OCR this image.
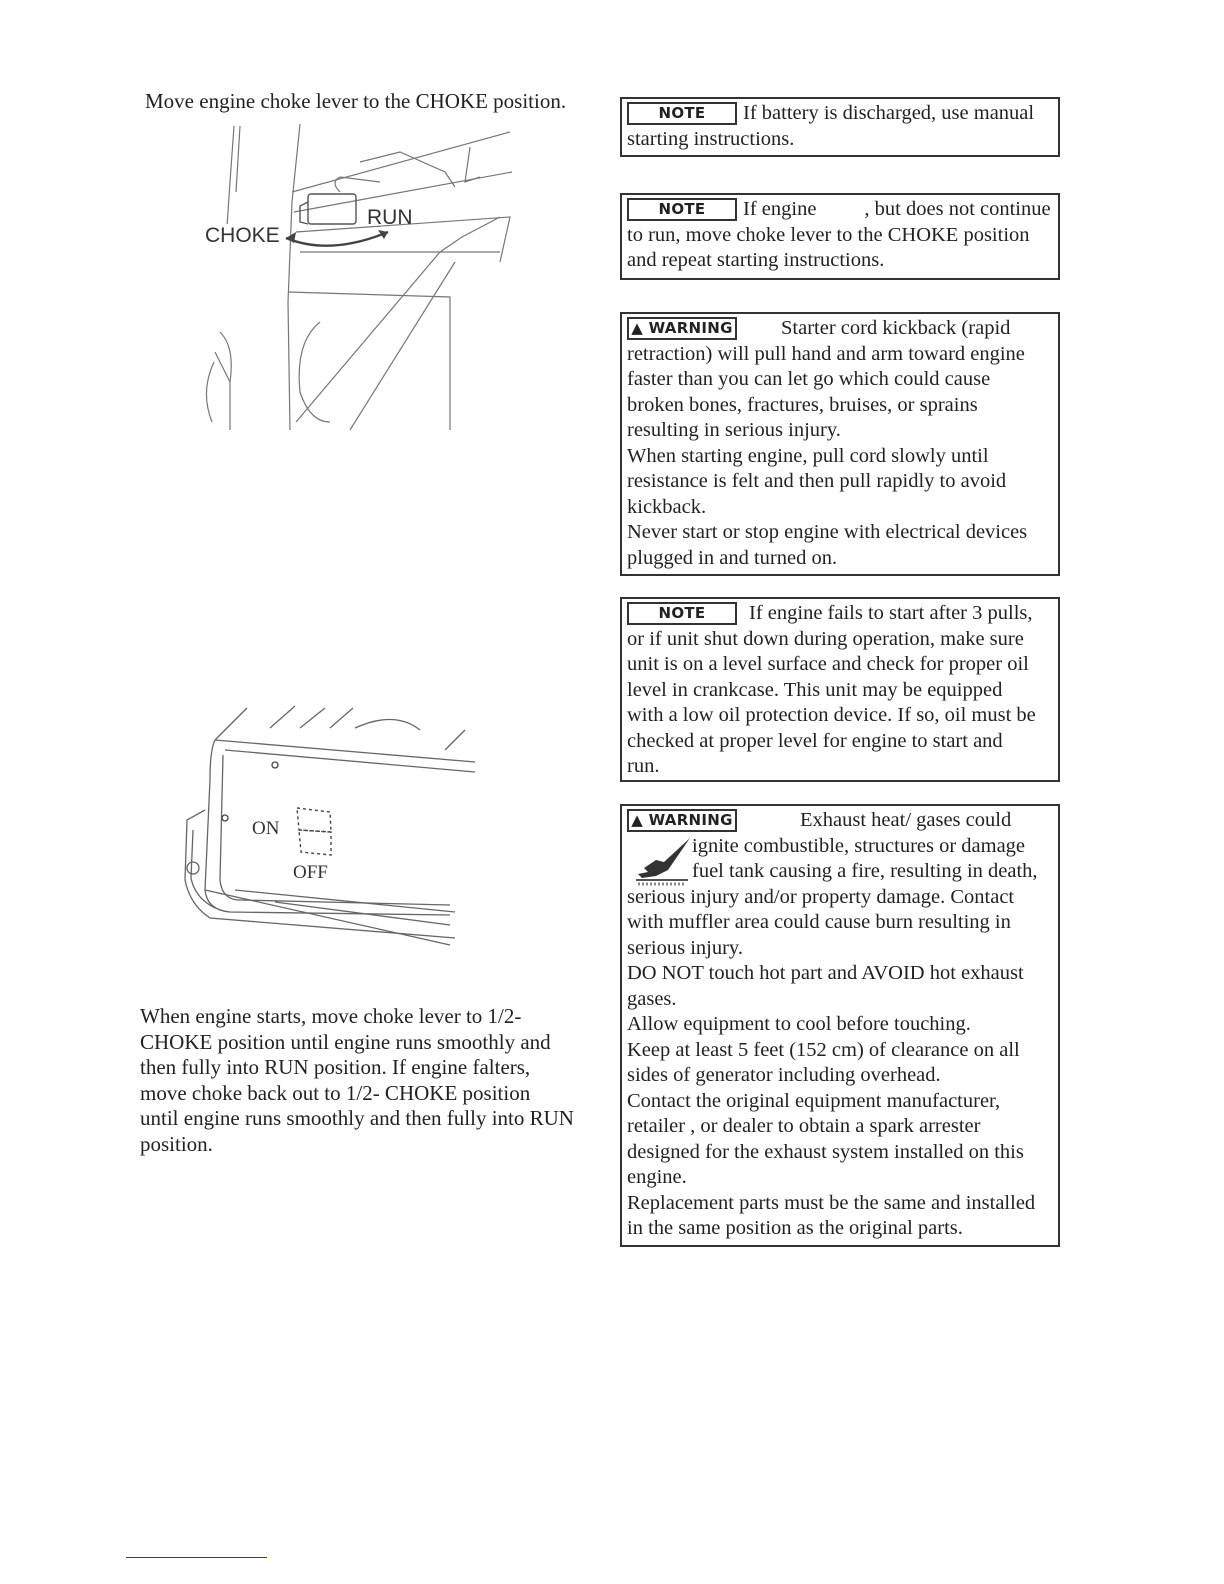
Move engine choke lever to the CHOKE position.
CHOKE
RUN
ON
OFF
When engine starts, move choke lever to 1/2-
CHOKE position until engine runs smoothly and
then fully into RUN position. If engine falters,
move choke back out to 1/2- CHOKE position
until engine runs smoothly and then fully into RUN
position.
NOTE If battery is discharged, use manual
starting instructions.
NOTE If engine , but does not continue
to run, move choke lever to the CHOKE position
and repeat starting instructions.
▲ WARNING Starter cord kickback (rapid
retraction) will pull hand and arm toward engine
faster than you can let go which could cause
broken bones, fractures, bruises, or sprains
resulting in serious injury.
When starting engine, pull cord slowly until
resistance is felt and then pull rapidly to avoid
kickback.
Never start or stop engine with electrical devices
plugged in and turned on.
NOTE If engine fails to start after 3 pulls,
or if unit shut down during operation, make sure
unit is on a level surface and check for proper oil
level in crankcase. This unit may be equipped
with a low oil protection device. If so, oil must be
checked at proper level for engine to start and
run.
▲ WARNING	Exhaust heat/ gases could
ignite combustible, structures or damage
fuel tank causing a fire, resulting in death,
serious injury and/or property damage. Contact
with muffler area could cause burn resulting in
serious injury.
DO NOT touch hot part and AVOID hot exhaust
gases.
Allow equipment to cool before touching.
Keep at least 5 feet (152 cm) of clearance on all
sides of generator including overhead.
Contact the original equipment manufacturer,
retailer , or dealer to obtain a spark arrester
designed for the exhaust system installed on this
engine.
Replacement parts must be the same and installed
in the same position as the original parts.
